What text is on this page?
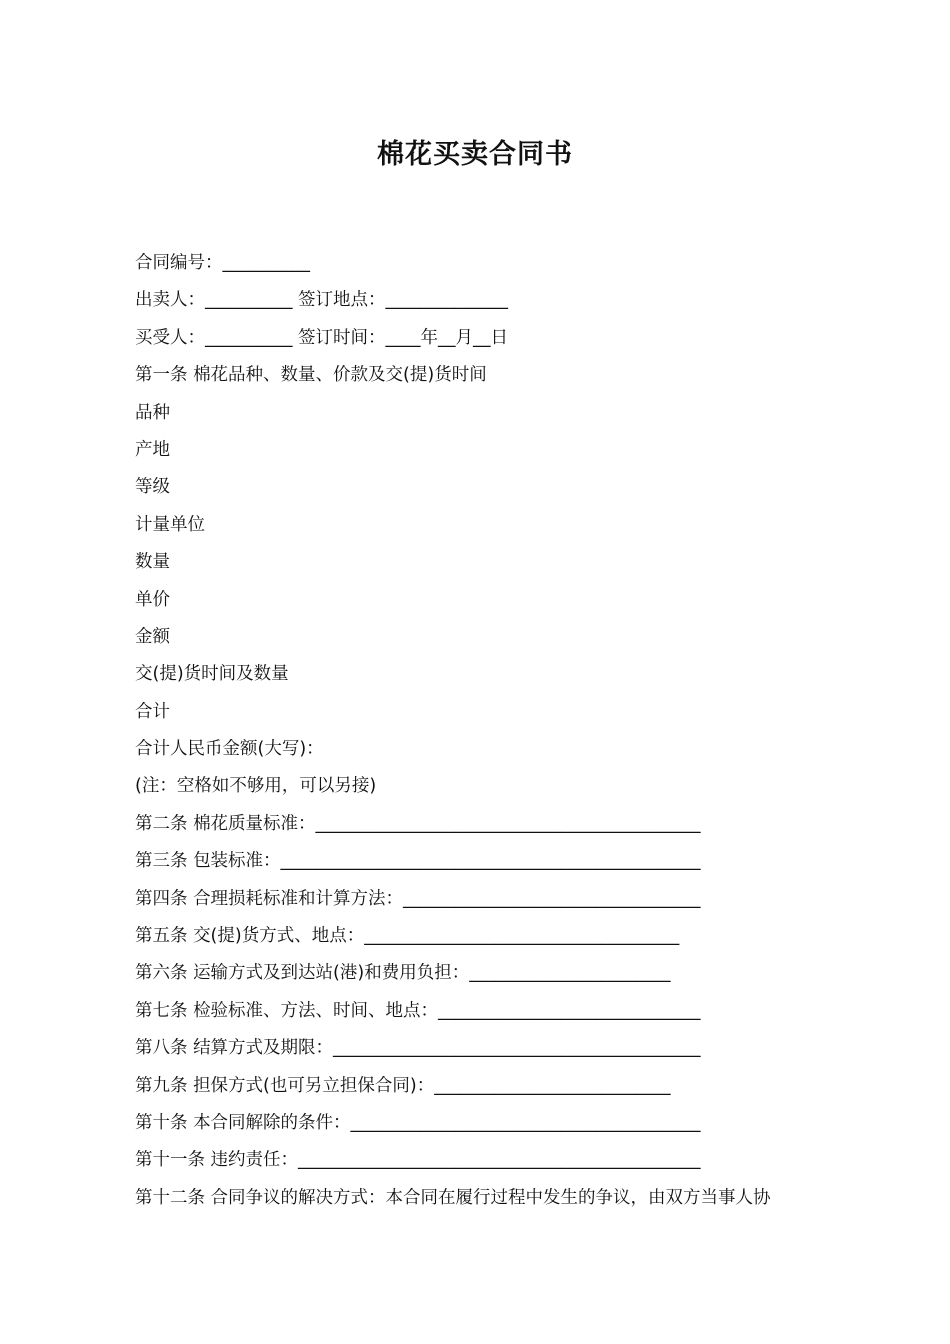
棉花买卖合同书
合同编号：__________
出卖人：__________ 签订地点：______________
买受人：__________ 签订时间：____年__月__日
第一条 棉花品种、数量、价款及交(提)货时间
品种
产地
等级
计量单位
数量
单价
金额
交(提)货时间及数量
合计
合计人民币金额(大写)：
(注：空格如不够用，可以另接)
第二条 棉花质量标准：____________________________________________
第三条 包装标准：________________________________________________
第四条 合理损耗标准和计算方法：__________________________________
第五条 交(提)货方式、地点：____________________________________
第六条 运输方式及到达站(港)和费用负担：_______________________
第七条 检验标准、方法、时间、地点：______________________________
第八条 结算方式及期限：__________________________________________
第九条 担保方式(也可另立担保合同)：___________________________
第十条 本合同解除的条件：________________________________________
第十一条 违约责任：______________________________________________
第十二条 合同争议的解决方式：本合同在履行过程中发生的争议，由双方当事人协
